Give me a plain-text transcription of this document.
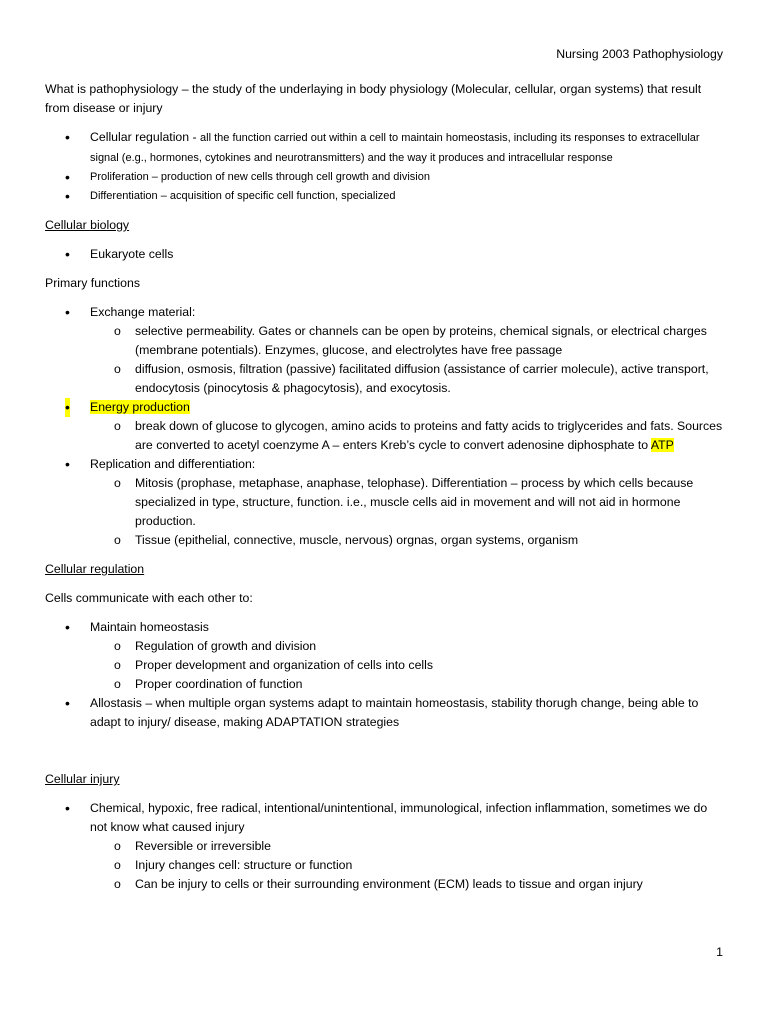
Nursing 2003 Pathophysiology

What is pathophysiology – the study of the underlaying in body physiology (Molecular, cellular, organ systems) that result from disease or injury

• Cellular regulation - all the function carried out within a cell to maintain homeostasis, including its responses to extracellular signal (e.g., hormones, cytokines and neurotransmitters) and the way it produces and intracellular response
• Proliferation – production of new cells through cell growth and division
• Differentiation – acquisition of specific cell function, specialized

Cellular biology

• Eukaryote cells

Primary functions

• Exchange material:
o selective permeability. Gates or channels can be open by proteins, chemical signals, or electrical charges (membrane potentials). Enzymes, glucose, and electrolytes have free passage
o diffusion, osmosis, filtration (passive) facilitated diffusion (assistance of carrier molecule), active transport, endocytosis (pinocytosis & phagocytosis), and exocytosis.
• Energy production
o break down of glucose to glycogen, amino acids to proteins and fatty acids to triglycerides and fats. Sources are converted to acetyl coenzyme A – enters Kreb’s cycle to convert adenosine diphosphate to ATP
• Replication and differentiation:
o Mitosis (prophase, metaphase, anaphase, telophase). Differentiation – process by which cells because specialized in type, structure, function. i.e., muscle cells aid in movement and will not aid in hormone production.
o Tissue (epithelial, connective, muscle, nervous) orgnas, organ systems, organism

Cellular regulation

Cells communicate with each other to:

• Maintain homeostasis
o Regulation of growth and division
o Proper development and organization of cells into cells
o Proper coordination of function
• Allostasis – when multiple organ systems adapt to maintain homeostasis, stability thorugh change, being able to adapt to injury/ disease, making ADAPTATION strategies

Cellular injury

• Chemical, hypoxic, free radical, intentional/unintentional, immunological, infection inflammation, sometimes we do not know what caused injury
o Reversible or irreversible
o Injury changes cell: structure or function
o Can be injury to cells or their surrounding environment (ECM) leads to tissue and organ injury
1
